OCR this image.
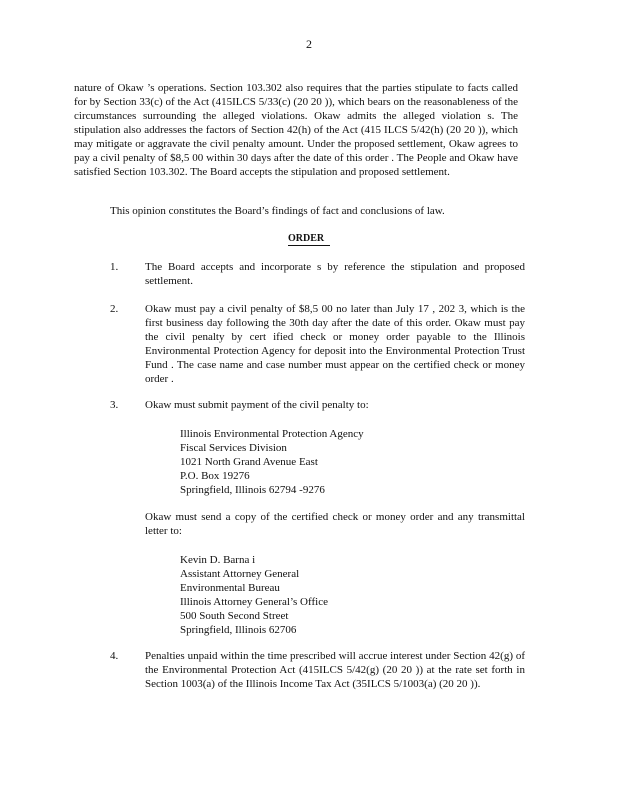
2
nature of Okaw ’s operations. Section 103.302 also requires that the parties stipulate to facts called for by Section 33(c) of the Act (415ILCS 5/33(c) (20 20 )), which bears on the reasonableness of the circumstances surrounding the alleged violations. Okaw admits the alleged violation s. The stipulation also addresses the factors of Section 42(h) of the Act (415 ILCS 5/42(h) (20 20 )), which may mitigate or aggravate the civil penalty amount. Under the proposed settlement, Okaw agrees to pay a civil penalty of $8,5 00 within 30 days after the date of this order . The People and Okaw have satisfied Section 103.302. The Board accepts the stipulation and proposed settlement.
This opinion constitutes the Board’s findings of fact and conclusions of law.
ORDER
1. The Board accepts and incorporate s by reference the stipulation and proposed settlement.
2. Okaw must pay a civil penalty of $8,5 00 no later than July 17 , 202 3, which is the first business day following the 30th day after the date of this order. Okaw must pay the civil penalty by cert ified check or money order payable to the Illinois Environmental Protection Agency for deposit into the Environmental Protection Trust Fund . The case name and case number must appear on the certified check or money order .
3. Okaw must submit payment of the civil penalty to:
Illinois Environmental Protection Agency
Fiscal Services Division
1021 North Grand Avenue East
P.O. Box 19276
Springfield, Illinois 62794 -9276
Okaw must send a copy of the certified check or money order and any transmittal letter to:
Kevin D. Barna i
Assistant Attorney General
Environmental Bureau
Illinois Attorney General’s Office
500 South Second Street
Springfield, Illinois 62706
4. Penalties unpaid within the time prescribed will accrue interest under Section 42(g) of the Environmental Protection Act (415ILCS 5/42(g) (20 20 )) at the rate set forth in Section 1003(a) of the Illinois Income Tax Act (35ILCS 5/1003(a) (20 20 )).
